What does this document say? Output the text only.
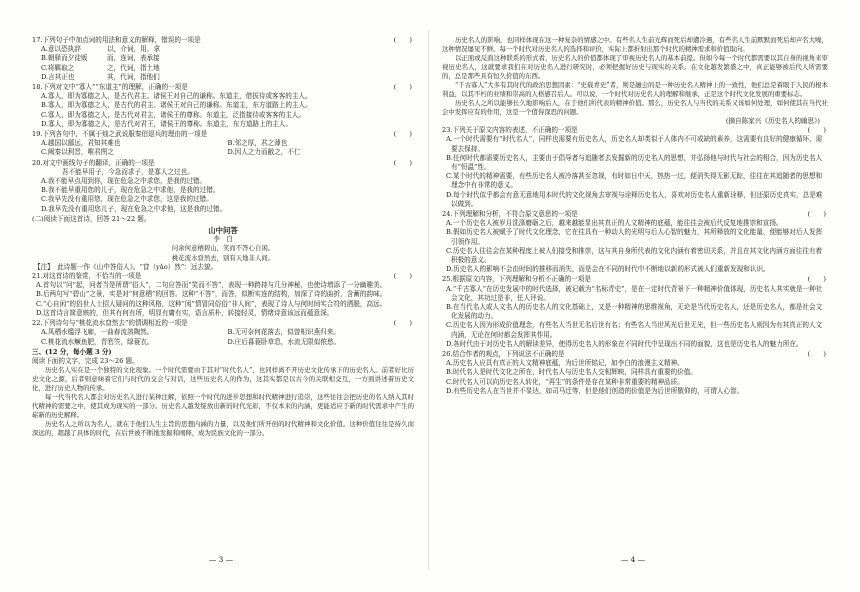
17.下列句子中加点词的用法和意义的解释，错误的一项是	(　　)
A.意以恐执辞　　　　以，介词，用，拿
B.朝驿而夕徒贩	而，连词，表承接
C.将羁取之	之，代词，指土地
D.言其正也	其，代词，指他们
18.下列对文中“寡人”“东道主”的理解，正确的一项是	(　　)
A.寡人，即为寡德之人，是古代君主、诸侯王对自己的谦称。东道主，借拔待或客客的主人。
B.寡人，即为寡德之人，是古代的君主、诸侯王对自己的谦称。东道主，东方道路上的主人。
C.寡人，即为寡德之人，是古代对君主，诸侯王的尊称。东道主，泛指接待或客客的主人。
D.寡人，即为寡德之人，是古代对君王，诸侯王的尊称。东道主，东方道路上的主人。
19.下列各句中，不属于烛之武说服秦伯退兵的理由的一项是	(　　)
A.越国以鄙远，君知其难也	B.邻之厚，君之薄也
C.阙秦以利晋，唯君图之	D.因人之力而敝之，不仁
20.对文中画线句子的翻译，正确的一项是	(　　)
吾不能早用子，今急而求子，是寡人之过也。
A.我不能早点用到你，现在危急之中求您，是我的过错。
B.我不能早重用您的儿子，现在危急之中求他，是我的过错。
C.我早先没有重用您，现在危急之中求您，这是我的过错。
D.我早先没有重用您儿子，现在危急之中求他，这是我的过错。
(二)阅读下面这首诗，回答 21～22 题。
山中问答
李　白
问余何意栖碧山，笑而不答心自闲。
桃花流水窅然去，别有天地非人间。
【注】　此诗题一作《山中答俗人》。“窅（yǎo）然”：远去貌。
21.对这首诗的鉴赏，不恰当的一项是	(　　)
A.首句以“问”起，问者当是所谓“俗人”，二句应答而“笑而不答”，表现一种跨持与几分神秘，也使诗增添了一分幽趣美。
B.后两句写“碧山”之景，实是对“何意栖”的回答。这种“不答”，而答，似断实连的结构，加深了诗的曲折，含蓄的韵味。
C.“心自闲”的俗世人士招人疑问的这种风格，这种“闲”情冒同俗俗“非人间”，表现了诗人与何时间实合符的洒脱，高远。
D.这首诗言简意赅的，但其有何有所，明显有庸有实，语言质朴，转接轻灵，情绪诗意该远而蕴意深。
22.下列诗句与“桃花流水窅然去”的情调相近的一项是	(　　)
A.凤栖水槛浮飞廊，一曲春流溶陶然。	B.无可奈何花落去，似曾相识燕归来。
C.桃花流水鳜鱼肥，青箬笠，绿蓑衣。	D.庄后暮蓑卧草息，水流无限似侬愁。
三、(12 分，每小题 3 分)
阅读下面的文字，完成 23～26 题。
历史名人实在是一个独特的文化现象。一个时代需要由于其对“时代名人”，也同样离不开历史文化传承下的历史名人。前者好比历史文化之源，后者则意味着它们与时代的交会与对话，这些历史名人的作为，这其实都是以古今的关联相交互，一方面讲述着历史文化，进行历史人物的传承。
每一代当代名人都会对历史名人进行某种注解，依照一个时代的进步思想和时代精神进行追崇，这些往往会把历史的名人纳入其时代精神的需要之中，使其成为现实的一部分。历史名人越发绽放出新的时代光彩，不仅本来的内涵，更能适应于新的时代需求中产生的崭新的历史解释。
历史名人之所以为名人，就在于他们人生主旨的思想内涵的力量，以及他们所开创的时代精神和文化价值。这种价值往往是持久而深远的，超越了具体的时代，在后世被不断地发掘和阐释，成为民族文化的一部分。
— 3 —
历史名人的影响，也同样体现在这一种复杂的情感之中。有些名人生前光辉而死后却遭冷遇，有些名人生前默默而死后却声名大噪，这种情况屡见不鲜。每一个时代对历史名人的选择和评价，实际上都折射出那个时代的精神需求和价值取向。
以正面或反面这种联系的形式看，历史名人的价值都体现了审视历史名人的基本前提。但如今每一个时代都需要以其自身的视角来审视历史名人，这就要求我们在对历史名人进行研究时，必须把握好历史与现实的关系。在文化越发繁盛之中，真正能够被后代人所需要的，总是那些具有恒久价值的东西。
“千古寡人”大多有其时代的政治思想因素：“史载青史”者，则是融会的是一种历史名人精神上的一致性，他们总是着眼于人民的根本利益，以其不朽的业绩和崇高的人格感召后人。可以说，一个时代对历史名人的理解和继承，正是这个时代文化发展的重要标志。
历史名人之所以能够长久地影响后人，在于他们所代表的精神价值。那么，历史名人与当代的关系又该如何处理，如何使其在当代社会中发挥应有的作用，这是一个值得深思的问题。
(摘自陈家兴《历史名人的幽思》)
23.下列关于原文内容的表述，不正确的一项是	(　　)
A.一个时代需要有“时代名人”，同样也需要有历史名人，历史名人却类似于人体内不可或缺的素养，这需要有良好的健康循环，需要去保持。
B.任何时代都需要历史名人，主要由于倡导者与追随者去发掘新的历史名人的思想，并弘扬他与时代与社会的相合，因为历史名人有“恒温”性。
C.某个时代的精神需要，有些历史名人被冷落甚至忽视，有时如日中天，热热一过，便消失得无影无踪，往往在其追随者的思想和理念中有非常的意义。
D.每个时代似乎都会有意无意地用本时代的文化视角去审视与诠释历史名人，喜欢对历史名人重新诠释，但还原历史真实，总是难以做到。
24.下列理解和分析，不符合原文意思的一项是	(　　)
A.一个历史名人被岁月洗涤磨砺之后，越来越能显出其真正的人文精神的底蕴，能往往会被后代反复地推崇和宣扬。
B.假如历史名人被赋予了时代文化理念，它在往具有一种动人的光明与后人心智的魅力，其所释放的文化能量，便能够对后人发挥引领作用。
C.历史名人往往会在某种程度上被人们接受和推崇，这与其自身所代表的文化内涵有着密切关系，并且在其文化内涵方面往往有着积极的意义。
D.历史名人的影响不会由时间的推移而消失，而是会在不同的时代中不断地以新的形式被人们重新发现和认识。
25.根据原文内容，下列理解和分析不正确的一项是	(　　)
A.“千古寡人”在历史发展中的时代选择，被记载为“名标青史”，是在一定时代背景下一种精神价值体现，历史名人其实就是一种社会文化，其功过是非，任人评说。
B.在当代名人或人文名人的历史名人的文化基础上，又是一种精神的思维视角，无论是当代历史名人，还是历史名人，都是社会文化发展的动力。
C.历史名人因为形成价值理念，有些名人当世无名后世有名；有些名人当世风光后世无光，但一些历史名人则因为有其真正的人文内涵，无论在何时都会发挥其作用。
D.各时代由于对历史名人的解读差异，使得历史名人的形象在不同时代中呈现出不同的面貌，这也是历史名人的魅力所在。
26.结合作者的观点，下列说法不正确的是	(　　)
A.历史名人应具有真正的人文精神底蕴，为后世所铭记，如李白的浪漫主义精神。
B.时代名人是时代文化之所在，时代名人与历史名人交相辉映，同样具有重要的价值。
C.时代名人可以向历史名人转化，“再生”的条件是存在某种非常重要的精神品质。
D.有些历史名人在当世并不显达，如司马迁等，但是他们创造的价值是为后世所敬仰的，可谓人心智。
— 4 —
